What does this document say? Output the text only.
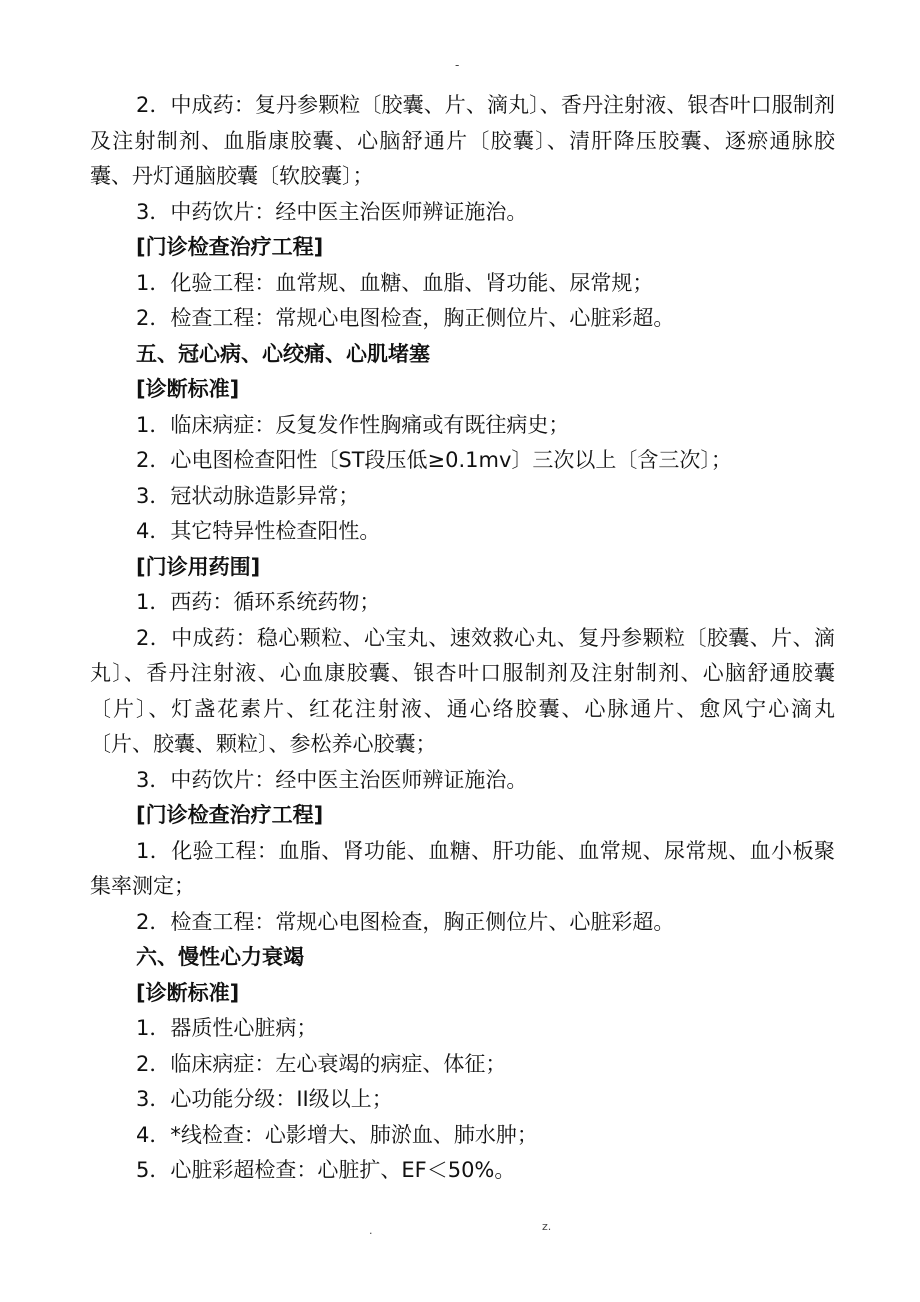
-
2．中成药：复丹参颗粒〔胶囊、片、滴丸〕、香丹注射液、银杏叶口服制剂及注射制剂、血脂康胶囊、心脑舒通片〔胶囊〕、清肝降压胶囊、逐瘀通脉胶囊、丹灯通脑胶囊〔软胶囊〕；
3．中药饮片：经中医主治医师辨证施治。
[门诊检查治疗工程]
1．化验工程：血常规、血糖、血脂、肾功能、尿常规；
2．检查工程：常规心电图检查，胸正侧位片、心脏彩超。
五、冠心病、心绞痛、心肌堵塞
[诊断标准]
1．临床病症：反复发作性胸痛或有既往病史；
2．心电图检查阳性〔ST段压低≥0.1mv〕三次以上〔含三次〕；
3．冠状动脉造影异常；
4．其它特异性检查阳性。
[门诊用药围]
1．西药：循环系统药物；
2．中成药：稳心颗粒、心宝丸、速效救心丸、复丹参颗粒〔胶囊、片、滴丸〕、香丹注射液、心血康胶囊、银杏叶口服制剂及注射制剂、心脑舒通胶囊〔片〕、灯盏花素片、红花注射液、通心络胶囊、心脉通片、愈风宁心滴丸〔片、胶囊、颗粒〕、参松养心胶囊；
3．中药饮片：经中医主治医师辨证施治。
[门诊检查治疗工程]
1．化验工程：血脂、肾功能、血糖、肝功能、血常规、尿常规、血小板聚集率测定；
2．检查工程：常规心电图检查，胸正侧位片、心脏彩超。
六、慢性心力衰竭
[诊断标准]
1．器质性心脏病；
2．临床病症：左心衰竭的病症、体征；
3．心功能分级：II级以上；
4．*线检查：心影增大、肺淤血、肺水肿；
5．心脏彩超检查：心脏扩、EF＜50%。
.	z.
